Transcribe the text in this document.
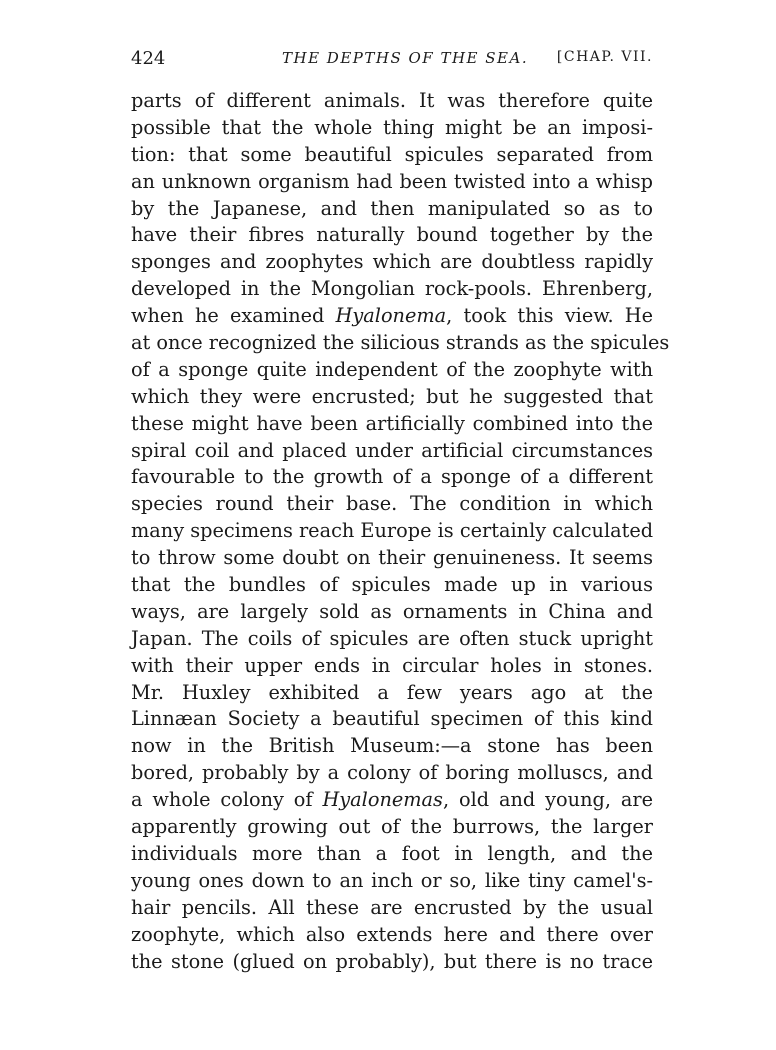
424	THE DEPTHS OF THE SEA. [CHAP. VII.
parts of different animals. It was therefore quite
possible that the whole thing might be an imposi-
tion: that some beautiful spicules separated from
an unknown organism had been twisted into a whisp
by the Japanese, and then manipulated so as to
have their fibres naturally bound together by the
sponges and zoophytes which are doubtless rapidly
developed in the Mongolian rock-pools. Ehrenberg,
when he examined Hyalonema, took this view. He
at once recognized the silicious strands as the spicules
of a sponge quite independent of the zoophyte with
which they were encrusted; but he suggested that
these might have been artificially combined into the
spiral coil and placed under artificial circumstances
favourable to the growth of a sponge of a different
species round their base. The condition in which
many specimens reach Europe is certainly calculated
to throw some doubt on their genuineness. It seems
that the bundles of spicules made up in various
ways, are largely sold as ornaments in China and
Japan. The coils of spicules are often stuck upright
with their upper ends in circular holes in stones.
Mr. Huxley exhibited a few years ago at the
Linnæan Society a beautiful specimen of this kind
now in the British Museum:—a stone has been
bored, probably by a colony of boring molluscs, and
a whole colony of Hyalonemas, old and young, are
apparently growing out of the burrows, the larger
individuals more than a foot in length, and the
young ones down to an inch or so, like tiny camel's-
hair pencils. All these are encrusted by the usual
zoophyte, which also extends here and there over
the stone (glued on probably), but there is no trace
